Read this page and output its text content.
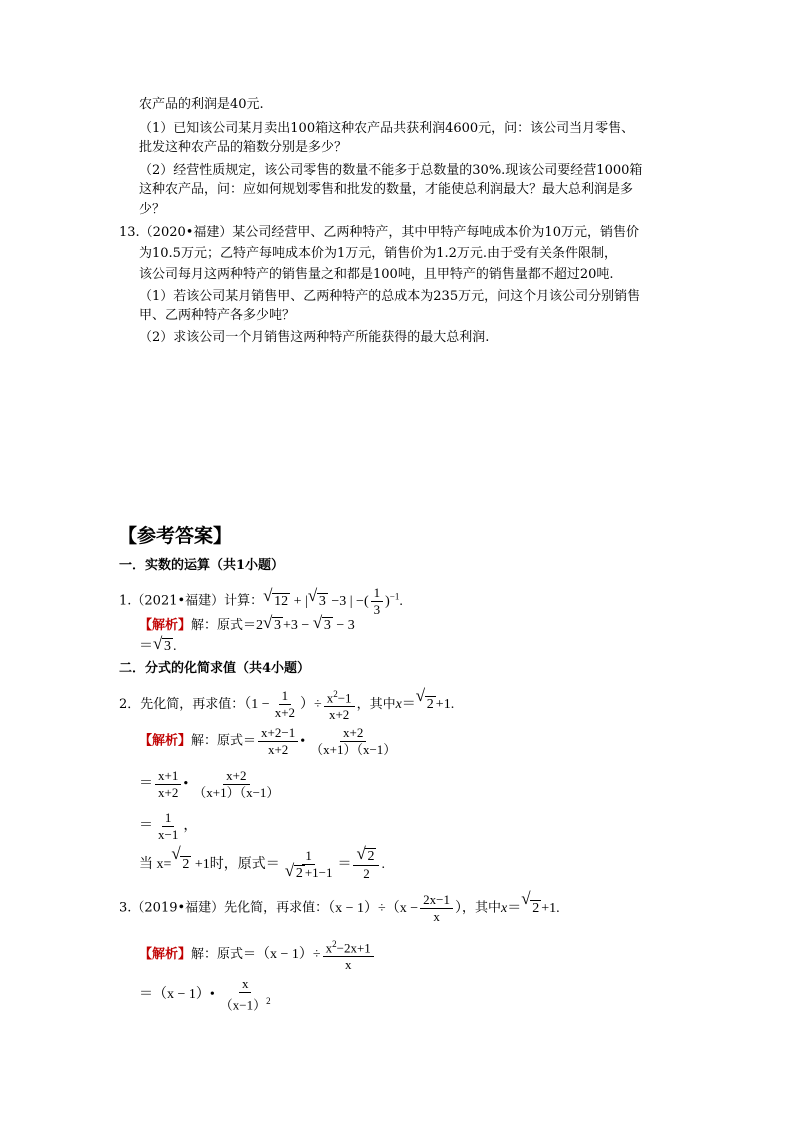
农产品的利润是40元.
（1）已知该公司某月卖出100箱这种农产品共获利润4600元，问：该公司当月零售、
批发这种农产品的箱数分别是多少？
（2）经营性质规定，该公司零售的数量不能多于总数量的30%.现该公司要经营1000箱
这种农产品，问：应如何规划零售和批发的数量，才能使总利润最大？最大总利润是多
少？
13.（2020•福建）某公司经营甲、乙两种特产，其中甲特产每吨成本价为10万元，销售价
为10.5万元；乙特产每吨成本价为1万元，销售价为1.2万元.由于受有关条件限制，
该公司每月这两种特产的销售量之和都是100吨，且甲特产的销售量都不超过20吨.
（1）若该公司某月销售甲、乙两种特产的总成本为235万元，问这个月该公司分别销售
甲、乙两种特产各多少吨？
（2）求该公司一个月销售这两种特产所能获得的最大总利润.
【参考答案】
一．实数的运算（共1小题）
1.（2021•福建）计算： √ 12 + | √ 3 −3 | −( $\frac{1}{3} )^{-1}$.
【解析】解：原式＝2 √ 3 +3 − √ 3 − 3
＝ √ 3 .
二．分式的化简求值（共4小题）
2．先化简，再求值：（$1 - \frac{1}{x+2}$ ）÷ $\frac{x^2-1}{x+2}$ ，其中x＝ √ 2 +1.
【解析】解：原式＝ $\frac{x+2-1}{x+2}$ • $\frac{x+2}{(x+1)(x-1)}$
＝ $\frac{x+1}{x+2}$ • $\frac{x+2}{(x+1)(x-1)}$
＝ $\frac{1}{x-1}$ ，
当 x=
√
2 +1时，原式＝ $\frac{1}{√ 2 +1-1} = \frac{√ 2}{2}$ .
3.（2019•福建）先化简，再求值：$(x - 1)\div(x - \frac{2x-1}{x}$ ），其中x＝
√
2 +1.
【解析】解：原式$=(x - 1)\div \frac{x^2-2x+1}{x}$
＝（x − 1）• $\frac{x}{(x-1)^2}$
